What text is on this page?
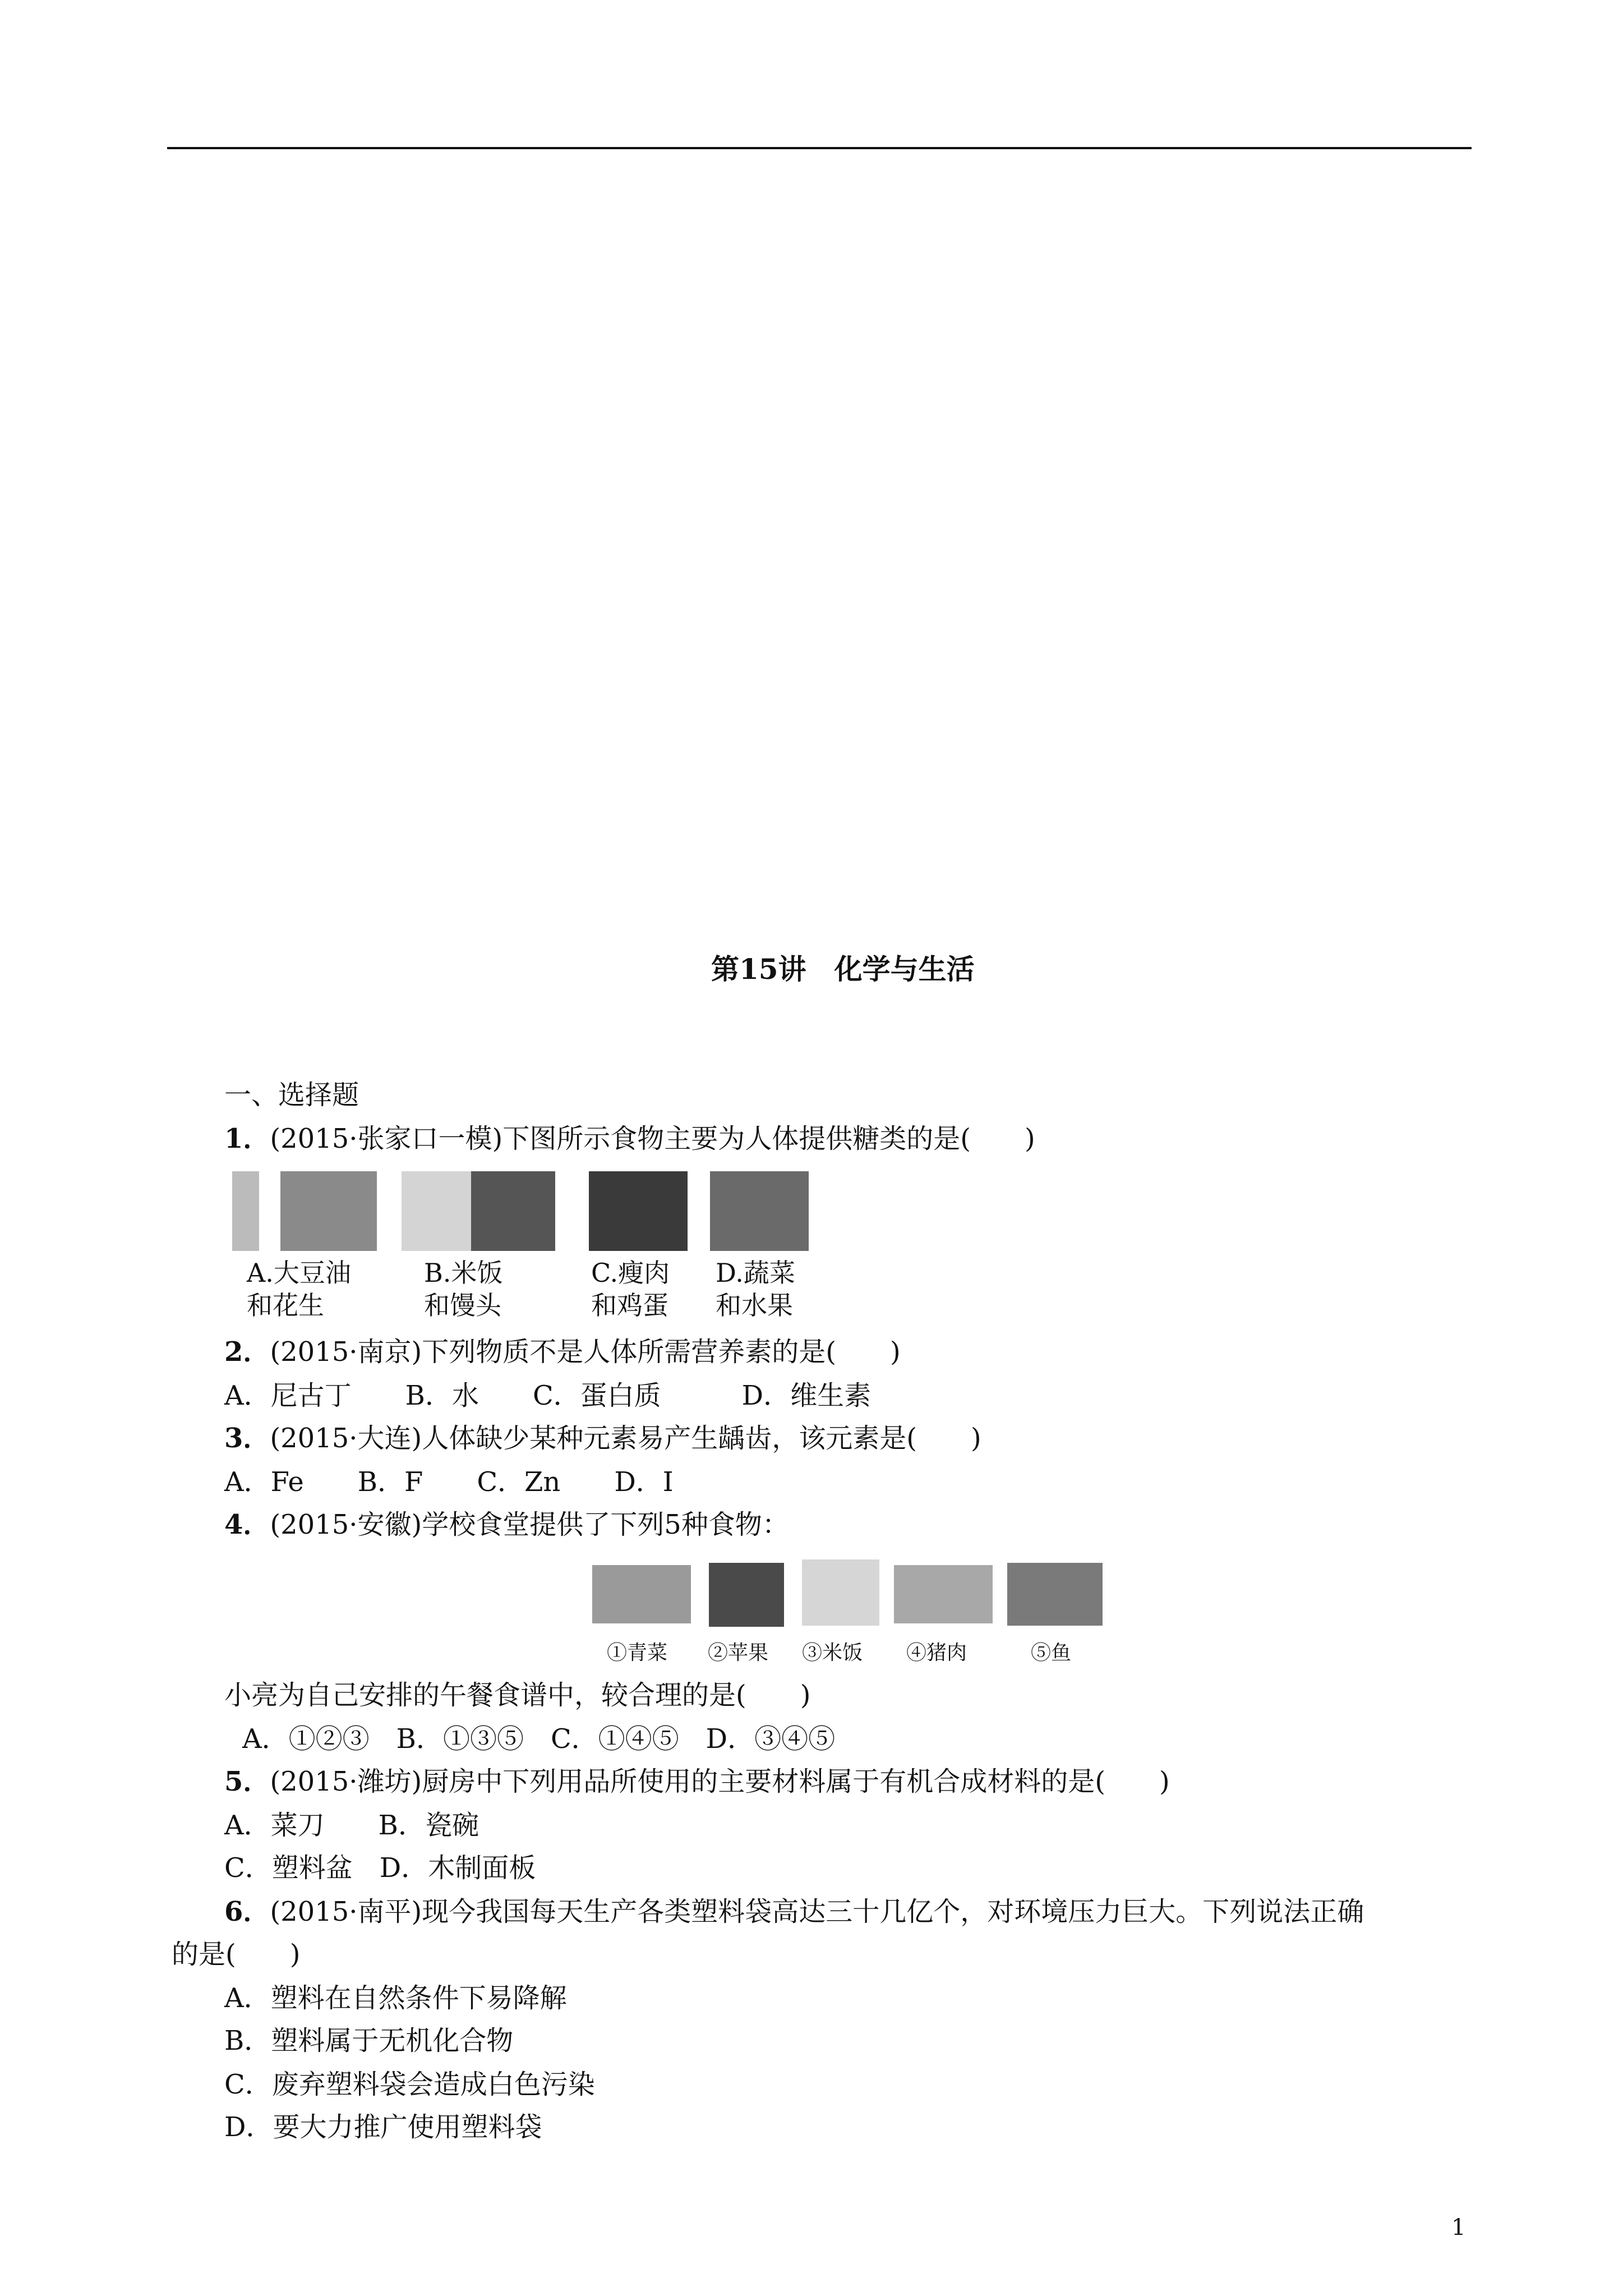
第15讲　化学与生活
一、选择题
1．(2015·张家口一模)下图所示食物主要为人体提供糖类的是(　　)
A.大豆油
和花生
B.米饭
和馒头
C.瘦肉
和鸡蛋
D.蔬菜
和水果
2．(2015·南京)下列物质不是人体所需营养素的是(　　)
A．尼古丁　　B．水　　C．蛋白质　　　D．维生素
3．(2015·大连)人体缺少某种元素易产生龋齿，该元素是(　　)
A．Fe　　B．F　　C．Zn　　D．I
4．(2015·安徽)学校食堂提供了下列5种食物：
①青菜 ②苹果 ③米饭 ④猪肉	⑤鱼
小亮为自己安排的午餐食谱中，较合理的是(　　)
A．①②③　B．①③⑤　C．①④⑤　D．③④⑤
5．(2015·潍坊)厨房中下列用品所使用的主要材料属于有机合成材料的是(　　)
A．菜刀　　B．瓷碗
C．塑料盆　D．木制面板
6．(2015·南平)现今我国每天生产各类塑料袋高达三十几亿个，对环境压力巨大。下列说法正确
的是(　　)
A．塑料在自然条件下易降解
B．塑料属于无机化合物
C．废弃塑料袋会造成白色污染
D．要大力推广使用塑料袋
1
